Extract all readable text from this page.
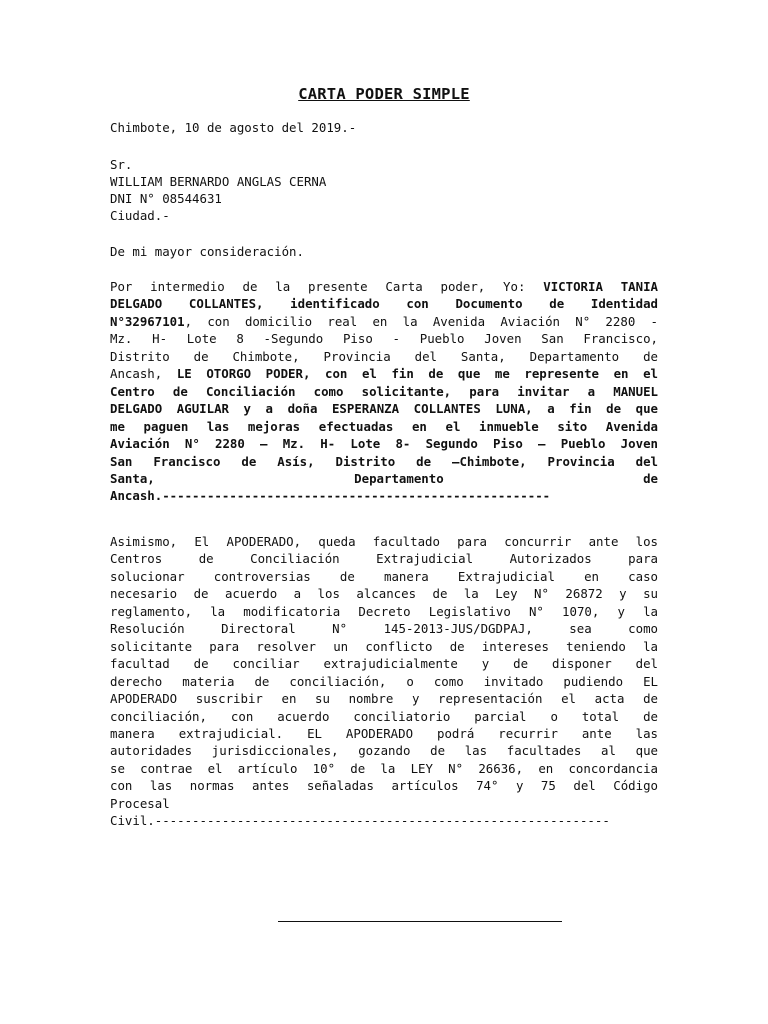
CARTA PODER SIMPLE
Chimbote, 10 de agosto del 2019.-
Sr.
WILLIAM BERNARDO ANGLAS CERNA
DNI N° 08544631
Ciudad.-
De mi mayor consideración.

Por intermedio de la presente Carta poder, Yo: VICTORIA TANIA

DELGADO COLLANTES, identificado con Documento de Identidad

N°32967101, con domicilio real en la Avenida Aviación N° 2280 -

Mz. H- Lote 8 -Segundo Piso - Pueblo Joven San Francisco,

Distrito de Chimbote, Provincia del Santa, Departamento de

Ancash, LE OTORGO PODER, con el fin de que me represente en el

Centro de Conciliación como solicitante, para invitar a MANUEL

DELGADO AGUILAR y a doña ESPERANZA COLLANTES LUNA, a fin de que

me paguen las mejoras efectuadas en el inmueble sito Avenida

Aviación N° 2280 – Mz. H- Lote 8- Segundo Piso – Pueblo Joven

San Francisco de Asís, Distrito de –Chimbote, Provincia del

Santa, Departamento de

Ancash.----------------------------------------------------

Asimismo, El APODERADO, queda facultado para concurrir ante los

Centros de Conciliación Extrajudicial Autorizados para

solucionar controversias de manera Extrajudicial en caso

necesario de acuerdo a los alcances de la Ley N° 26872 y su

reglamento, la modificatoria Decreto Legislativo N° 1070, y la

Resolución Directoral N° 145-2013-JUS/DGDPAJ, sea como

solicitante para resolver un conflicto de intereses teniendo la

facultad de conciliar extrajudicialmente y de disponer del

derecho materia de conciliación, o como invitado pudiendo EL

APODERADO suscribir en su nombre y representación el acta de

conciliación, con acuerdo conciliatorio parcial o total de

manera extrajudicial. EL APODERADO podrá recurrir ante las

autoridades jurisdiccionales, gozando de las facultades al que

se contrae el artículo 10° de la LEY N° 26636, en concordancia

con las normas antes señaladas artículos 74° y 75 del Código

Procesal

Civil.-------------------------------------------------------------
